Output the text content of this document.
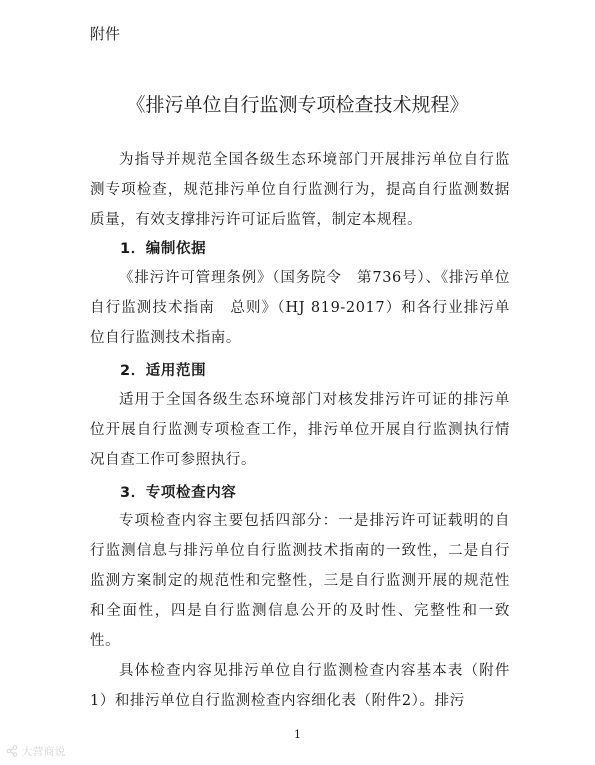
附件
《排污单位自行监测专项检查技术规程》

为指导并规范全国各级生态环境部门开展排污单位自行监测专项检查，规范排污单位自行监测行为，提高自行监测数据质量，有效支撑排污许可证后监管，制定本规程。

1．编制依据

《排污许可管理条例》（国务院令　第736号）、《排污单位自行监测技术指南　总则》（HJ 819-2017）和各行业排污单位自行监测技术指南。

2．适用范围

适用于全国各级生态环境部门对核发排污许可证的排污单位开展自行监测专项检查工作，排污单位开展自行监测执行情况自查工作可参照执行。

3．专项检查内容

专项检查内容主要包括四部分：一是排污许可证载明的自行监测信息与排污单位自行监测技术指南的一致性，二是自行监测方案制定的规范性和完整性，三是自行监测开展的规范性和全面性，四是自行监测信息公开的及时性、完整性和一致性。

具体检查内容见排污单位自行监测检查内容基本表（附件1）和排污单位自行监测检查内容细化表（附件2）。排污

1
大营商说
